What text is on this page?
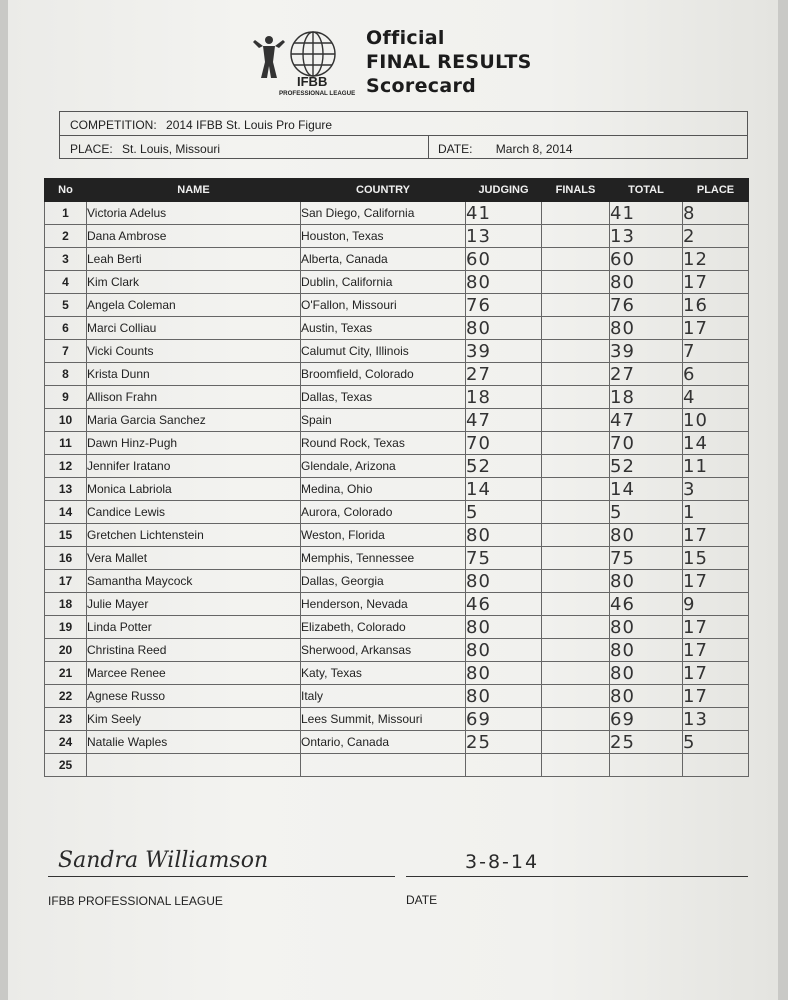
IFBB
PROFESSIONAL LEAGUE
Official
FINAL RESULTS
Scorecard
COMPETITION: 2014 IFBB St. Louis Pro Figure
PLACE: St. Louis, Missouri	DATE: March 8, 2014
No	NAME	COUNTRY	JUDGING	FINALS	TOTAL	PLACE
1	Victoria Adelus	San Diego, California	41		41	8
2	Dana Ambrose	Houston, Texas	13		13	2
3	Leah Berti	Alberta, Canada	60		60	12
4	Kim Clark	Dublin, California	80		80	17
5	Angela Coleman	O'Fallon, Missouri	76		76	16
6	Marci Colliau	Austin, Texas	80		80	17
7	Vicki Counts	Calumut City, Illinois	39		39	7
8	Krista Dunn	Broomfield, Colorado	27		27	6
9	Allison Frahn	Dallas, Texas	18		18	4
10	Maria Garcia Sanchez	Spain	47		47	10
11	Dawn Hinz-Pugh	Round Rock, Texas	70		70	14
12	Jennifer Iratano	Glendale, Arizona	52		52	11
13	Monica Labriola	Medina, Ohio	14		14	3
14	Candice Lewis	Aurora, Colorado	5		5	1
15	Gretchen Lichtenstein	Weston, Florida	80		80	17
16	Vera Mallet	Memphis, Tennessee	75		75	15
17	Samantha Maycock	Dallas, Georgia	80		80	17
18	Julie Mayer	Henderson, Nevada	46		46	9
19	Linda Potter	Elizabeth, Colorado	80		80	17
20	Christina Reed	Sherwood, Arkansas	80		80	17
21	Marcee Renee	Katy, Texas	80		80	17
22	Agnese Russo	Italy	80		80	17
23	Kim Seely	Lees Summit, Missouri	69		69	13
24	Natalie Waples	Ontario, Canada	25		25	5
25						
Sandra Williamson	3-8-14
IFBB PROFESSIONAL LEAGUE	DATE
